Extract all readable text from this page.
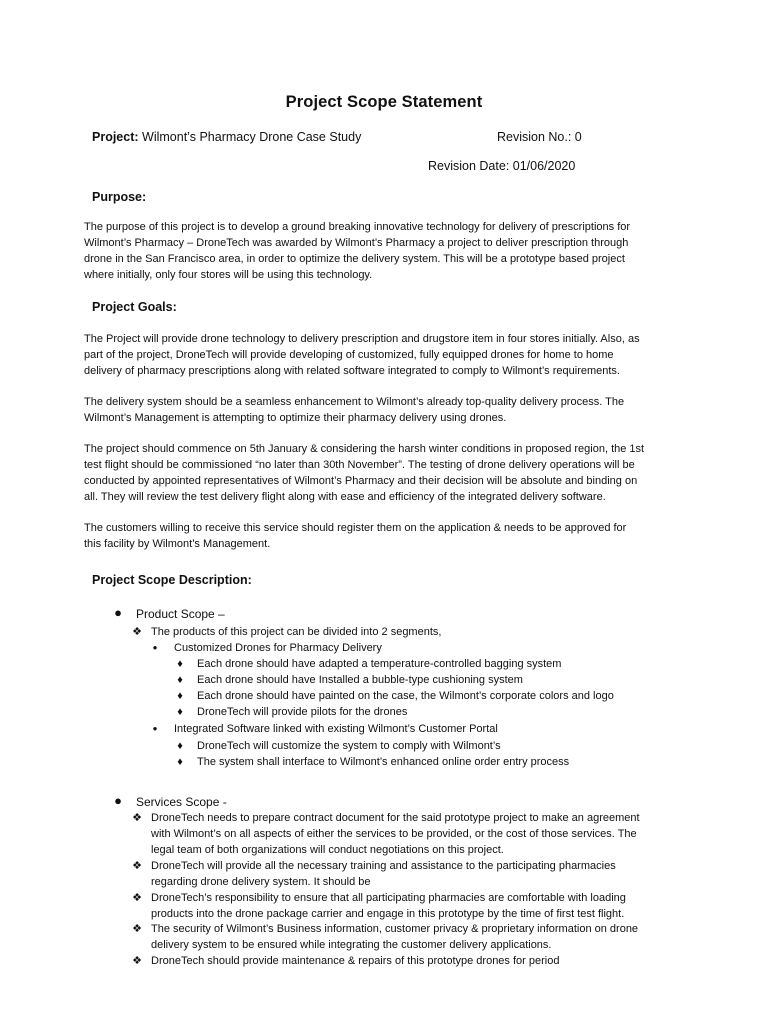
Project Scope Statement
Project: Wilmont’s Pharmacy Drone Case Study	Revision No.: 0
Revision Date: 01/06/2020
Purpose:
The purpose of this project is to develop a ground breaking innovative technology for delivery of prescriptions for
Wilmont’s Pharmacy – DroneTech was awarded by Wilmont’s Pharmacy a project to deliver prescription through
drone in the San Francisco area, in order to optimize the delivery system. This will be a prototype based project
where initially, only four stores will be using this technology.
Project Goals:
The Project will provide drone technology to delivery prescription and drugstore item in four stores initially. Also, as
part of the project, DroneTech will provide developing of customized, fully equipped drones for home to home
delivery of pharmacy prescriptions along with related software integrated to comply to Wilmont’s requirements.
The delivery system should be a seamless enhancement to Wilmont’s already top-quality delivery process. The
Wilmont’s Management is attempting to optimize their pharmacy delivery using drones.
The project should commence on 5th January & considering the harsh winter conditions in proposed region, the 1st
test flight should be commissioned “no later than 30th November”. The testing of drone delivery operations will be
conducted by appointed representatives of Wilmont’s Pharmacy and their decision will be absolute and binding on
all. They will review the test delivery flight along with ease and efficiency of the integrated delivery software.
The customers willing to receive this service should register them on the application & needs to be approved for
this facility by Wilmont’s Management.
Project Scope Description:
● Product Scope –
❖ The products of this project can be divided into 2 segments,
●	Customized Drones for Pharmacy Delivery
♦	Each drone should have adapted a temperature-controlled bagging system
♦	Each drone should have Installed a bubble-type cushioning system
♦	Each drone should have painted on the case, the Wilmont’s corporate colors and logo
♦	DroneTech will provide pilots for the drones
●	Integrated Software linked with existing Wilmont’s Customer Portal
♦	DroneTech will customize the system to comply with Wilmont’s
♦	The system shall interface to Wilmont’s enhanced online order entry process
● Services Scope -
❖ DroneTech needs to prepare contract document for the said prototype project to make an agreement
with Wilmont’s on all aspects of either the services to be provided, or the cost of those services. The
legal team of both organizations will conduct negotiations on this project.
❖ DroneTech will provide all the necessary training and assistance to the participating pharmacies
regarding drone delivery system. It should be
❖ DroneTech’s responsibility to ensure that all participating pharmacies are comfortable with loading
products into the drone package carrier and engage in this prototype by the time of first test flight.
❖ The security of Wilmont’s Business information, customer privacy & proprietary information on drone
delivery system to be ensured while integrating the customer delivery applications.
❖ DroneTech should provide maintenance & repairs of this prototype drones for period
